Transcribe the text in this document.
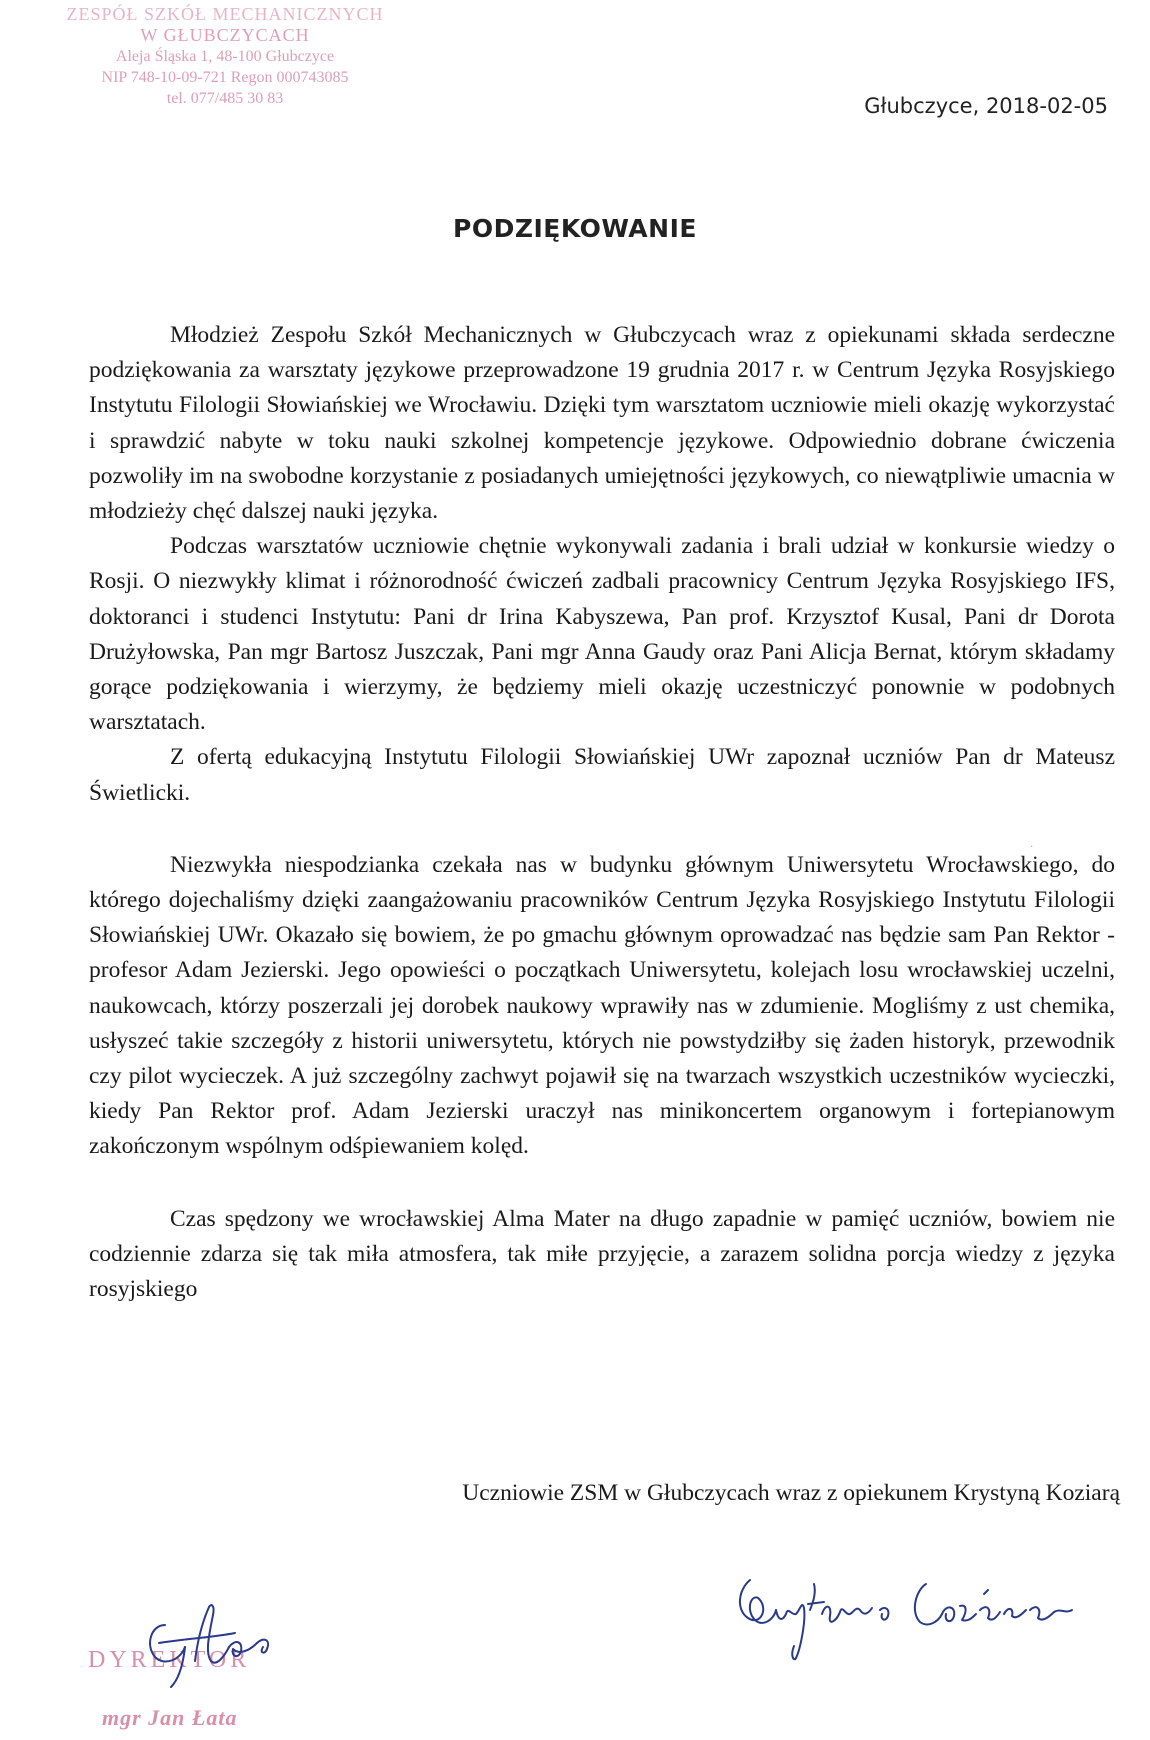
ZESPÓŁ SZKÓŁ MECHANICZNYCH
W GŁUBCZYCACH
Aleja Śląska 1, 48-100 Głubczyce
NIP 748-10-09-721 Regon 000743085
tel. 077/485 30 83	Głubczyce, 2018-02-05
PODZIĘKOWANIE

Młodzież Zespołu Szkół Mechanicznych w Głubczycach wraz z opiekunami składa serdeczne podziękowania za warsztaty językowe przeprowadzone 19 grudnia 2017 r. w Centrum Języka Rosyjskiego Instytutu Filologii Słowiańskiej we Wrocławiu. Dzięki tym warsztatom uczniowie mieli okazję wykorzystać i sprawdzić nabyte w toku nauki szkolnej kompetencje językowe. Odpowiednio dobrane ćwiczenia pozwoliły im na swobodne korzystanie z posiadanych umiejętności językowych, co niewątpliwie umacnia w młodzieży chęć dalszej nauki języka.

Podczas warsztatów uczniowie chętnie wykonywali zadania i brali udział w konkursie wiedzy o Rosji. O niezwykły klimat i różnorodność ćwiczeń zadbali pracownicy Centrum Języka Rosyjskiego IFS, doktoranci i studenci Instytutu: Pani dr Irina Kabyszewa, Pan prof. Krzysztof Kusal, Pani dr Dorota Drużyłowska, Pan mgr Bartosz Juszczak, Pani mgr Anna Gaudy oraz Pani Alicja Bernat, którym składamy gorące podziękowania i wierzymy, że będziemy mieli okazję uczestniczyć ponownie w podobnych warsztatach.

Z ofertą edukacyjną Instytutu Filologii Słowiańskiej UWr zapoznał uczniów Pan dr Mateusz Świetlicki.

Niezwykła niespodzianka czekała nas w budynku głównym Uniwersytetu Wrocławskiego, do którego dojechaliśmy dzięki zaangażowaniu pracowników Centrum Języka Rosyjskiego Instytutu Filologii Słowiańskiej UWr. Okazało się bowiem, że po gmachu głównym oprowadzać nas będzie sam Pan Rektor - profesor Adam Jezierski. Jego opowieści o początkach Uniwersytetu, kolejach losu wrocławskiej uczelni, naukowcach, którzy poszerzali jej dorobek naukowy wprawiły nas w zdumienie. Mogliśmy z ust chemika, usłyszeć takie szczegóły z historii uniwersytetu, których nie powstydziłby się żaden historyk, przewodnik czy pilot wycieczek. A już szczególny zachwyt pojawił się na twarzach wszystkich uczestników wycieczki, kiedy Pan Rektor prof. Adam Jezierski uraczył nas minikoncertem organowym i fortepianowym zakończonym wspólnym odśpiewaniem kolęd.

Czas spędzony we wrocławskiej Alma Mater na długo zapadnie w pamięć uczniów, bowiem nie codziennie zdarza się tak miła atmosfera, tak miłe przyjęcie, a zarazem solidna porcja wiedzy z języka rosyjskiego

·
Uczniowie ZSM w Głubczycach wraz z opiekunem Krystyną Koziarą
DYREKTOR
mgr Jan Łata
